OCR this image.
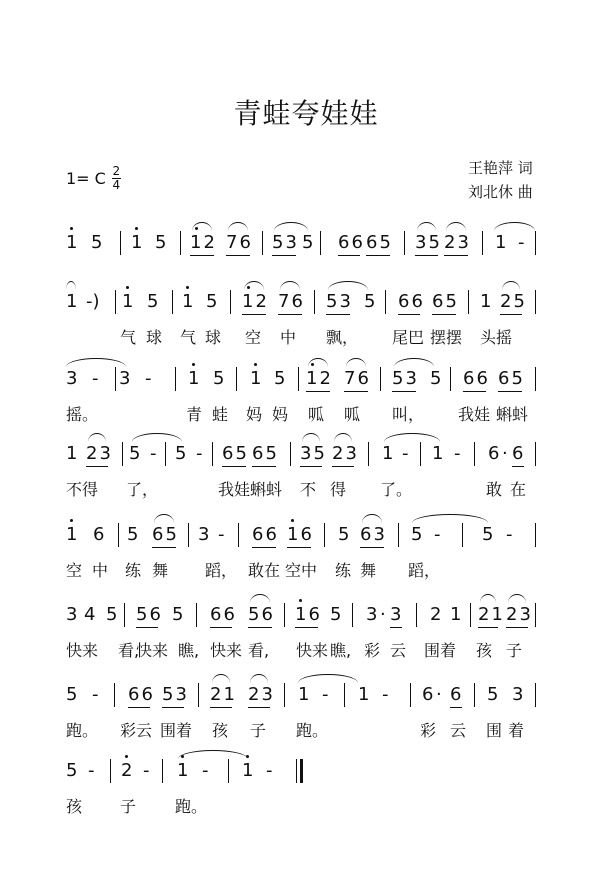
青蛙夸娃娃
1= C $\frac{2}{4}$	王艳萍 词
刘北休 曲
1 5 1 5 12 76 53 5 66 65 35 23 1 -
1 -) 1 5 1 5 12 76 53 5 66 65 1 25
气 球 气 球 空 中 飘， 尾巴 摆摆 头摇
3 - 3 - 1 5 1 5 12 76 53 5 66 65
摇。	青 蛙 妈 妈 呱 呱 叫， 我娃 蝌蚪
1 23 5 - 5 - 65 65 35 23 1 - 1 - 6 · 6
不得 了，	我娃蝌蚪 不 得 了。	敢 在
1 6 5 65 3 - 66 16 5 63 5 - 5 -
空 中 练 舞 蹈， 敢在 空中 练 舞 蹈，
3 4 5 56 5 66 56 16 5 3 · 3 2 1 21 23
快来 看,
快来 瞧, 快来 看, 快来 瞧, 彩 云 围着 孩 子
5 - 66 53 21 23 1 - 1 - 6 · 6 5 3
跑。 彩云 围着 孩 子 跑。	彩 云 围 着
5 - 2 - 1 - 1 -
孩 子 跑。
